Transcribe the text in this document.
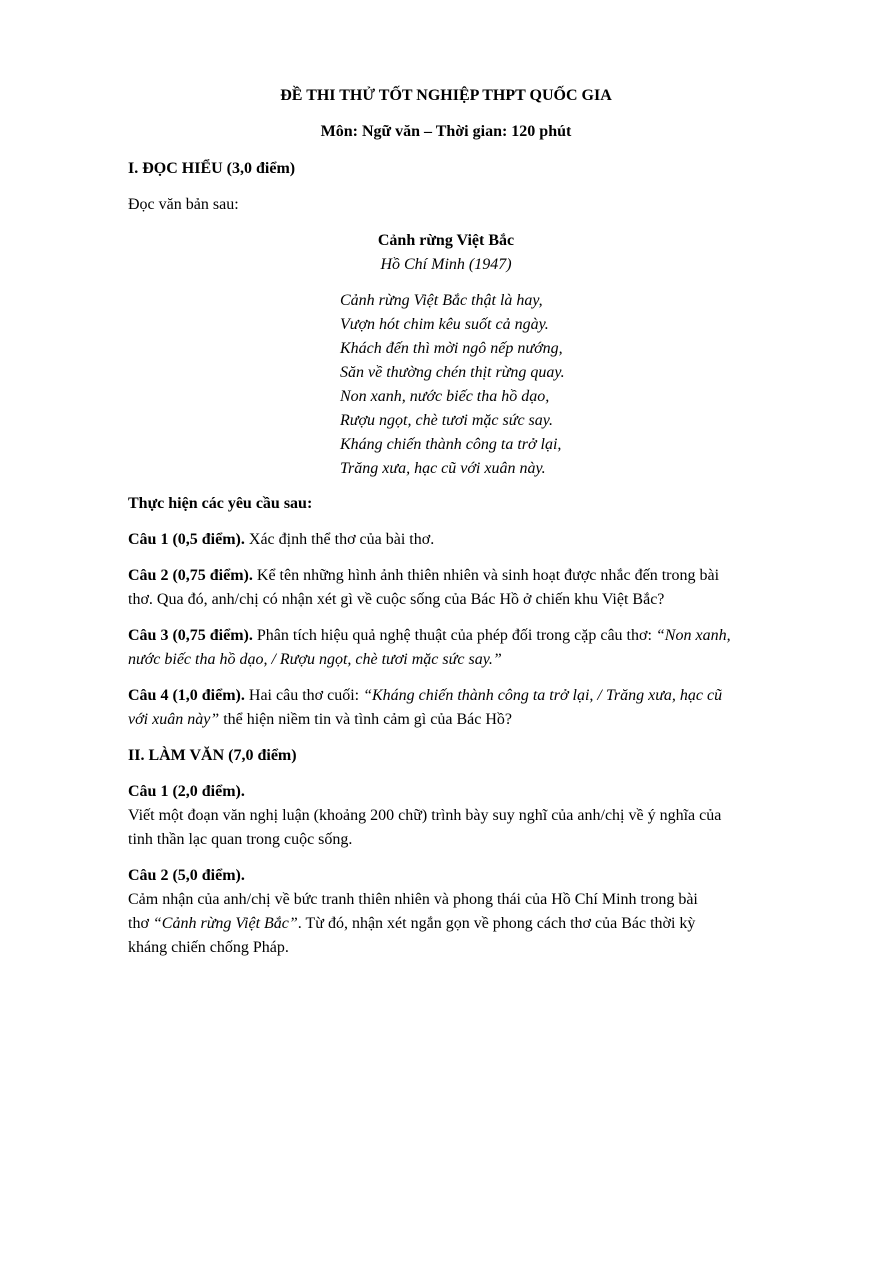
ĐỀ THI THỬ TỐT NGHIỆP THPT QUỐC GIA
Môn: Ngữ văn – Thời gian: 120 phút
I. ĐỌC HIỂU (3,0 điểm)
Đọc văn bản sau:
Cảnh rừng Việt Bắc
Hồ Chí Minh (1947)
Cảnh rừng Việt Bắc thật là hay,
Vượn hót chim kêu suốt cả ngày.
Khách đến thì mời ngô nếp nướng,
Săn về thường chén thịt rừng quay.
Non xanh, nước biếc tha hồ dạo,
Rượu ngọt, chè tươi mặc sức say.
Kháng chiến thành công ta trở lại,
Trăng xưa, hạc cũ với xuân này.
Thực hiện các yêu cầu sau:
Câu 1 (0,5 điểm). Xác định thể thơ của bài thơ.
Câu 2 (0,75 điểm). Kể tên những hình ảnh thiên nhiên và sinh hoạt được nhắc đến trong bài
thơ. Qua đó, anh/chị có nhận xét gì về cuộc sống của Bác Hồ ở chiến khu Việt Bắc?
Câu 3 (0,75 điểm). Phân tích hiệu quả nghệ thuật của phép đối trong cặp câu thơ: “Non xanh,
nước biếc tha hồ dạo, / Rượu ngọt, chè tươi mặc sức say.”
Câu 4 (1,0 điểm). Hai câu thơ cuối: “Kháng chiến thành công ta trở lại, / Trăng xưa, hạc cũ
với xuân này” thể hiện niềm tin và tình cảm gì của Bác Hồ?
II. LÀM VĂN (7,0 điểm)
Câu 1 (2,0 điểm).
Viết một đoạn văn nghị luận (khoảng 200 chữ) trình bày suy nghĩ của anh/chị về ý nghĩa của
tinh thần lạc quan trong cuộc sống.
Câu 2 (5,0 điểm).
Cảm nhận của anh/chị về bức tranh thiên nhiên và phong thái của Hồ Chí Minh trong bài
thơ “Cảnh rừng Việt Bắc”. Từ đó, nhận xét ngắn gọn về phong cách thơ của Bác thời kỳ
kháng chiến chống Pháp.
